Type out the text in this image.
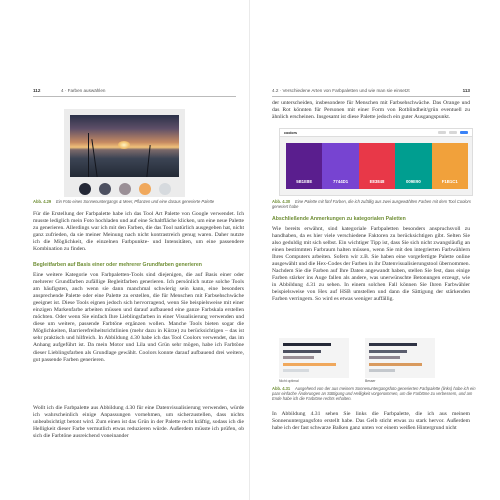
112	4 · Farben auswählen
Abb. 4.29 Ein Foto eines Sonnenuntergangs & Meer, Pflanzen und eine daraus generierte Palette

Für die Erstellung der Farbpalette habe ich das Tool Art Palette von Google verwendet. Ich musste lediglich mein Foto hochladen und auf eine Schaltfläche klicken, um eine neue Palette zu generieren. Allerdings war ich mit den Farben, die das Tool natürlich ausgegeben hat, nicht ganz zufrieden, da sie meiner Meinung nach nicht kontrastreich genug waren. Daher nutzte ich die Möglichkeit, die einzelnen Farbpunkte- und Intensitäten, um eine passendere Kombination zu finden.

Begleitfarben auf Basis einer oder mehrerer Grundfarben generieren

Eine weitere Kategorie von Farbpaletten-Tools sind diejenigen, die auf Basis einer oder mehrerer Grundfarben zufällige Begleitfarben generieren. Ich persönlich nutze solche Tools am häufigsten, auch wenn sie dann manchmal schwierig sein kann, eine besonders ansprechende Palette oder eine Palette zu erstellen, die für Menschen mit Farbsehschwäche geeignet ist. Diese Tools eignen jedoch sich hervorragend, wenn Sie beispielsweise mit einer einzigen Markenfarbe arbeiten müssen und darauf aufbauend eine ganze Farbskala erstellen möchten. Oder wenn Sie einfach Ihre Lieblingsfarben in einer Visualisierung verwenden und diese um weitere, passende Farbtöne ergänzen wollen. Manche Tools bieten sogar die Möglichkeiten, Barrierefreiheitsrichtlinien (mehr dazu in Kürze) zu berücksichtigen – das ist sehr praktisch und hilfreich. In Abbildung 4.30 habe ich das Tool Coolors verwendet, das im Anhang aufgeführt ist. Da mein Motor und Lila und Grün sehr mögen, habe ich Farbtöne dieser Lieblingsfarben als Grundlage gewählt. Coolors konnte darauf aufbauend drei weitere, gut passende Farben generieren.

Wollt ich die Farbpalette aus Abbildung 4.30 für eine Datenvisualisierung verwenden, würde ich wahrscheinlich einige Anpassungen vornehmen, um sicherzustellen, dass nichts unbeabsichtigt betont wird. Zum einen ist das Grün in der Palette recht kräftig, sodass ich die Helligkeit dieser Farbe vermutlich etwas reduzieren würde. Außerdem müsste ich prüfen, ob sich die Farbtöne ausreichend voneinander

4.2 · Verschiedene Arten von Farbpaletten und wie man sie einsetzt	113

der unterscheiden, insbesondere für Menschen mit Farbsehschwäche. Das Orange und das Rot könnten für Personen mit einer Form von Rotblindheit/grün eventuell zu ähnlich erscheinen. Insgesamt ist diese Palette jedoch ein guter Ausgangspunkt.

coolors
5B1E8E	7744D1	E83848	009E90	F1B1C1
Abb. 4.30 Eine Palette mit fünf Farben, die ich zufällig aus zwei ausgewählten Farben mit dem Tool Coolors generiert habe
Abschließende Anmerkungen zu kategorialen Paletten

Wie bereits erwähnt, sind kategoriale Farbpaletten besonders anspruchsvoll zu handhaben, da es hier viele verschiedene Faktoren zu berücksichtigen gibt. Selten Sie also geduldig mit sich selbst. Ein wichtiger Tipp ist, dass Sie sich nicht zwangsläufig an einen bestimmten Farbraum halten müssen, wenn Sie mit den integrierten Farbwählern Ihres Computers arbeiten. Sofern wir z.B. Sie haben eine vorgefertigte Palette online ausgewählt und die Hex-Codes der Farben in ihr Datenvisualisierungstool übernommen. Nachdem Sie die Farben auf Ihre Daten angewandt haben, stellen Sie fest, dass einige Farben stärker ins Auge fallen als andere, was unerwünschte Betonungen erzeugt, wie in Abbildung 4.31 zu sehen. In einem solchen Fall können Sie Ihren Farbwähler beispielsweise von Hex auf HSB umstellen und dann die Sättigung der stärkenden Farben verringern. So wird es etwas weniger auffällig.

Nicht optimal	Besser
Abb. 4.31 Ausgehend von der aus meinem Sonnenuntergangsfoto generierten Farbpalette (links) habe ich ein paar einfache Änderungen an Sättigung und Helligkeit vorgenommen, um die Farbtöne zu verbessern, und am Ende habe ich die Farbtöne rechts erhalten.

In Abbildung 4.31 sehen Sie links die Farbpalette, die ich aus meinem Sonnenuntergangsfoto erstellt habe. Das Gelb sticht etwas zu stark hervor. Außerdem habe ich der fast schwarze Balken ganz unten vor einem weißen Hintergrund nicht
